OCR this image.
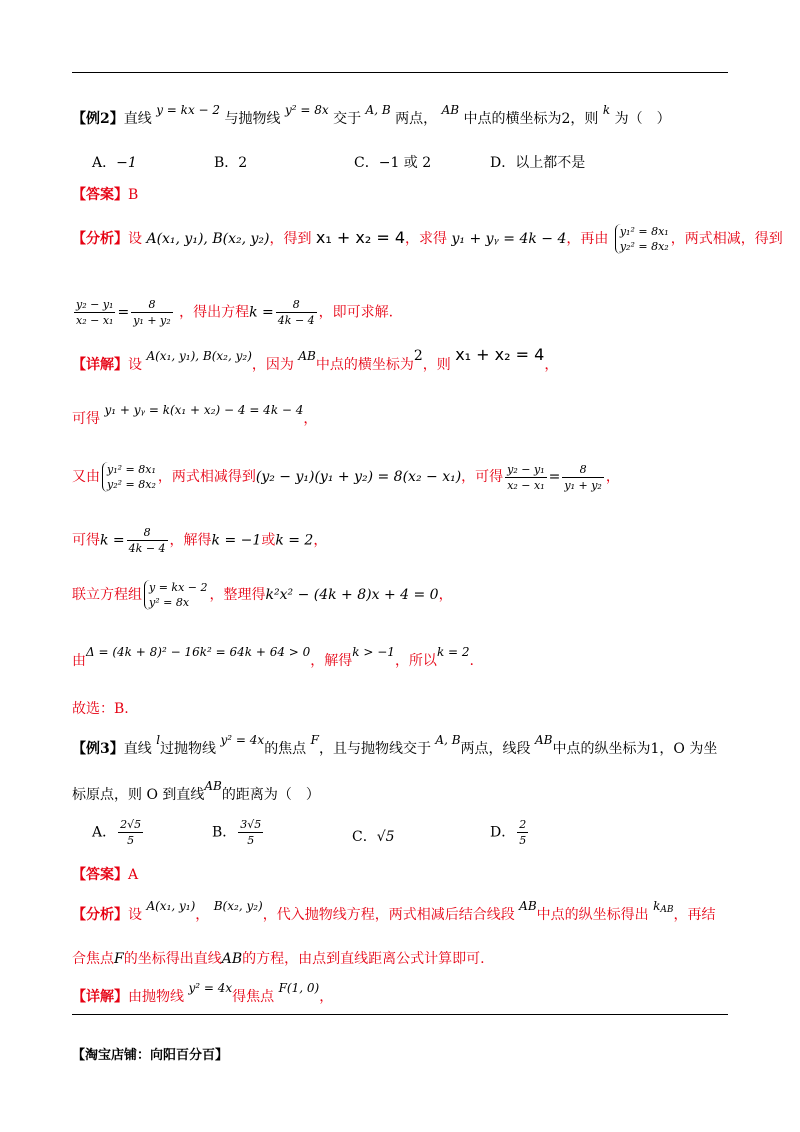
【例2】直线 y = kx − 2 与抛物线 y² = 8x 交于 A, B 两点， AB 中点的横坐标为2，则 k 为（　）
A．−1	B．2	C．−1 或 2	D．以上都不是
【答案】B
【分析】设 A(x₁, y₁), B(x₂, y₂)，得到 x₁ + x₂ = 4，求得 y₁ + yᵧ = 4k − 4，再由 y₁² = 8x₁
y₂² = 8x₂ ，两式相减，得到
$\frac{\text{y₂ − y₁}}{\text{x₂ − x₁}} = \frac{8}{\text{y₁ + y₂}}$ ，得出方程$k = \frac{8}{4k - 4}$ ，即可求解.
【详解】设 A(x₁, y₁), B(x₂, y₂)，因为 AB中点的横坐标为2，则 x₁ + x₂ = 4，
可得 y₁ + yᵧ = k(x₁ + x₂) − 4 = 4k − 4，
又由 y₁² = 8x₁
y₂² = 8x₂ ，两式相减得到(y₂ − y₁)(y₁ + y₂) = 8(x₂ − x₁)，可得 $\frac{\text{y₂ − y₁}}{\text{x₂ − x₁}} = \frac{8}{\text{y₁ + y₂}}$ ，
可得$k = \frac{8}{4k - 4}$ ，解得k = −1或k = 2，
联立方程组 y = kx − 2
y² = 8x	，整理得k²x² − (4k + 8)x + 4 = 0，
由Δ = (4k + 8)² − 16k² = 64k + 64 > 0，解得k > −1，所以k = 2.
故选：B.
【例3】直线 l过抛物线 y² = 4x的焦点 F，且与抛物线交于 A, B两点，线段 AB中点的纵坐标为1，O 为坐
标原点，则 O 到直线AB的距离为（　）
A． $\frac{2√5}{5}$	B． $\frac{3√5}{5}$	C．√5	D． $\frac{2}{5}$
【答案】A
【分析】设 A(x₁, y₁)， B(x₂, y₂)，代入抛物线方程，两式相减后结合线段 AB中点的纵坐标得出 $k_{AB}$，再结
合焦点F的坐标得出直线AB的方程，由点到直线距离公式计算即可.
【详解】由抛物线 y² = 4x得焦点 F(1, 0)，
【淘宝店铺：向阳百分百】
